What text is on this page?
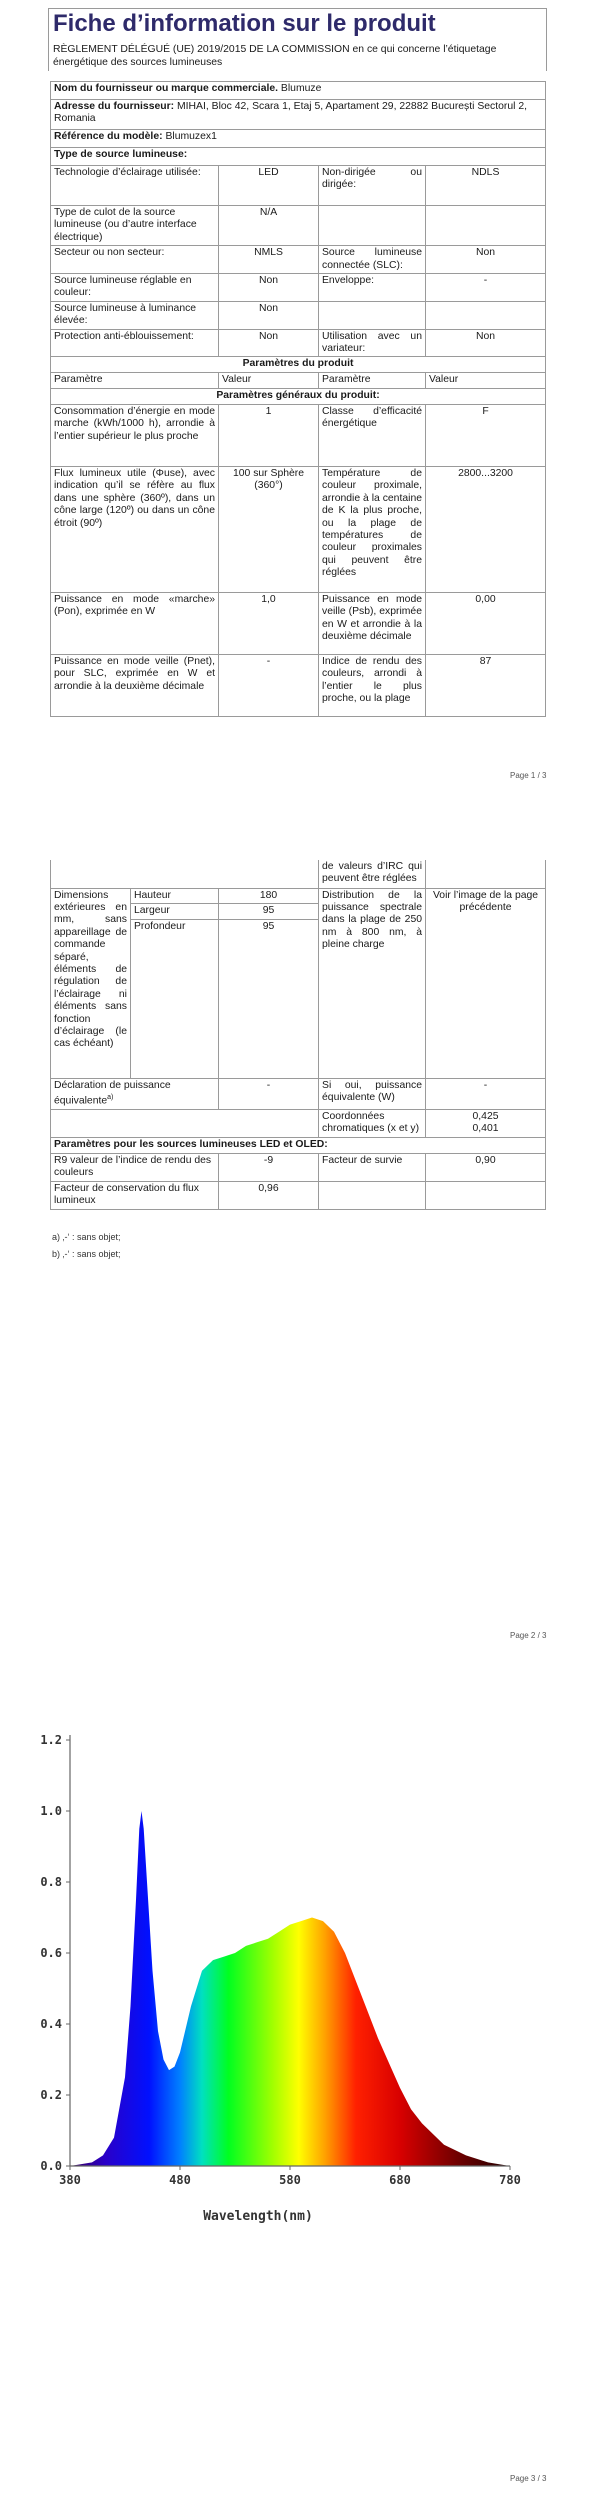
Fiche d’information sur le produit
RÈGLEMENT DÉLÉGUÉ (UE) 2019/2015 DE LA COMMISSION en ce qui concerne l’étiquetage énergétique des sources lumineuses
Nom du fournisseur ou marque commerciale. Blumuze			
Adresse du fournisseur: MIHAI, Bloc 42, Scara 1, Etaj 5, Apartament 29, 22882 București Sectorul 2, Romania			
Référence du modèle: Blumuzex1			
Type de source lumineuse:			
Technologie d’éclairage utilisée:	LED	Non-dirigée ou dirigée:	NDLS
Type de culot de la source lumineuse (ou d’autre interface électrique)	N/A		
Secteur ou non secteur:	NMLS	Source lumineuse connectée (SLC):	Non
Source lumineuse réglable en couleur:	Non	Enveloppe:	-
Source lumineuse à luminance élevée:	Non		
Protection anti-éblouissement:	Non	Utilisation avec un variateur:	Non
Paramètres du produit			
Paramètre	Valeur	Paramètre	Valeur
Paramètres généraux du produit:			
Consommation d’énergie en mode marche (kWh/1000 h), arrondie à l’entier supérieur le plus proche	1	Classe d’efficacité énergétique	F
Flux lumineux utile (Φuse), avec indication qu’il se réfère au flux dans une sphère (360º), dans un cône large (120º) ou dans un cône étroit (90º)	100 sur Sphère (360°)	Température de couleur proximale, arrondie à la centaine de K la plus proche, ou la plage de températures de couleur proximales qui peuvent être réglées	2800...3200
Puissance en mode «marche» (Pon), exprimée en W	1,0	Puissance en mode veille (Psb), exprimée en W et arrondie à la deuxième décimale	0,00
Puissance en mode veille (Pnet), pour SLC, exprimée en W et arrondie à la deuxième décimale	-	Indice de rendu des couleurs, arrondi à l’entier le plus proche, ou la plage	87
Page 1 / 3
			de valeurs d’IRC qui peuvent être réglées	
Dimensions extérieures en mm, sans appareillage de commande séparé, éléments de régulation de l’éclairage ni éléments sans fonction d’éclairage (le cas échéant)	Hauteur	180	Distribution de la puissance spectrale dans la plage de 250 nm à 800 nm, à pleine charge	Voir l’image de la page précédente
	Largeur	95		
	Profondeur	95		
Déclaration de puissance équivalente$^{a)}$		-	Si oui, puissance équivalente (W)	-
			Coordonnées chromatiques (x et y)	0,425
0,401

Paramètres pour les sources lumineuses LED et OLED:				
R9 valeur de l’indice de rendu des couleurs		-9	Facteur de survie	0,90
Facteur de conservation du flux lumineux		0,96		
a) ‚-‘ : sans objet;
b) ‚-‘ : sans objet;
Page 2 / 3
Page 3 / 3
0.0
0.2
0.4
0.6
0.8
1.0
1.2
380	480	580	680	780
Wavelength(nm)
